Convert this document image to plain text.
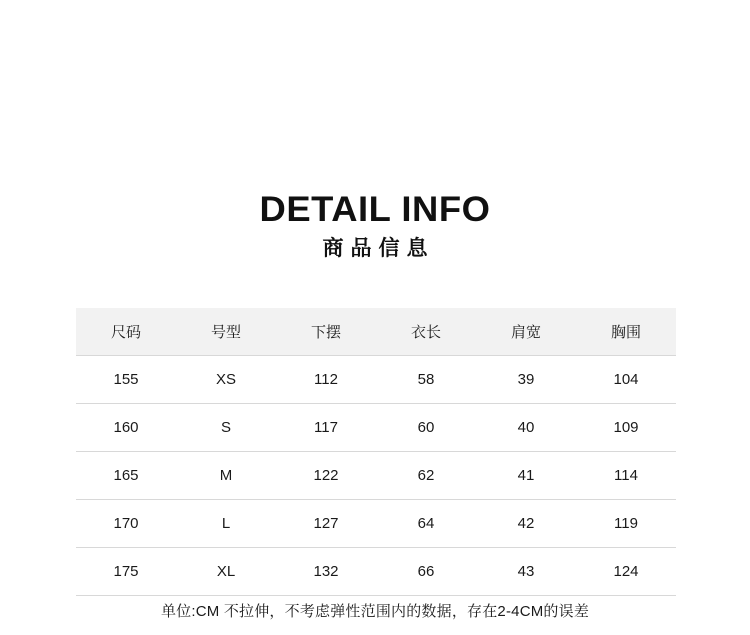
DETAIL INFO
商品信息
尺码	号型	下摆	衣长	肩宽	胸围
155	XS	112	58	39	104
160	S	117	60	40	109
165	M	122	62	41	114
170	L	127	64	42	119
175	XL	132	66	43	124
单位:CM 不拉伸，不考虑弹性范围内的数据，存在2-4CM的误差
